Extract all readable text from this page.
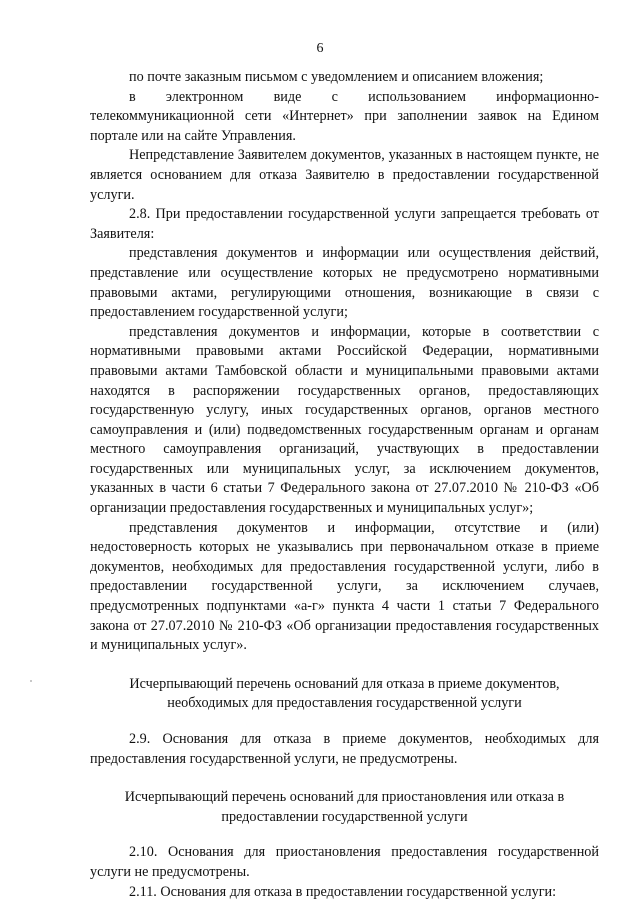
6

по почте заказным письмом с уведомлением и описанием вложения;

в электронном виде с использованием информационно-телекоммуникационной сети «Интернет» при заполнении заявок на Едином портале или на сайте Управления.

Непредставление Заявителем документов, указанных в настоящем пункте, не является основанием для отказа Заявителю в предоставлении государственной услуги.

2.8. При предоставлении государственной услуги запрещается требовать от Заявителя:

представления документов и информации или осуществления действий, представление или осуществление которых не предусмотрено нормативными правовыми актами, регулирующими отношения, возникающие в связи с предоставлением государственной услуги;

представления документов и информации, которые в соответствии с нормативными правовыми актами Российской Федерации, нормативными правовыми актами Тамбовской области и муниципальными правовыми актами находятся в распоряжении государственных органов, предоставляющих государственную услугу, иных государственных органов, органов местного самоуправления и (или) подведомственных государственным органам и органам местного самоуправления организаций, участвующих в предоставлении государственных или муниципальных услуг, за исключением документов, указанных в части 6 статьи 7 Федерального закона от 27.07.2010 № 210-ФЗ «Об организации предоставления государственных и муниципальных услуг»;

представления документов и информации, отсутствие и (или) недостоверность которых не указывались при первоначальном отказе в приеме документов, необходимых для предоставления государственной услуги, либо в предоставлении государственной услуги, за исключением случаев, предусмотренных подпунктами «а-г» пункта 4 части 1 статьи 7 Федерального закона от 27.07.2010 № 210-ФЗ «Об организации предоставления государственных и муниципальных услуг».

Исчерпывающий перечень оснований для отказа в приеме документов, необходимых для предоставления государственной услуги

2.9. Основания для отказа в приеме документов, необходимых для предоставления государственной услуги, не предусмотрены.

Исчерпывающий перечень оснований для приостановления или отказа в предоставлении государственной услуги

2.10. Основания для приостановления предоставления государственной услуги не предусмотрены.

2.11. Основания для отказа в предоставлении государственной услуги:
